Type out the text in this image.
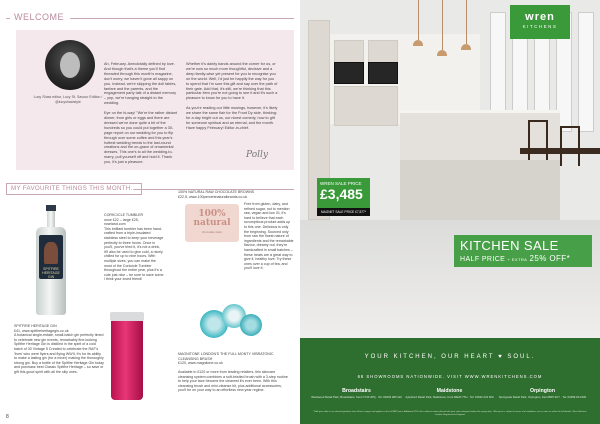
WELCOME
Lucy Shaw editor, Lucy St. Savour Edition / @lucyshawstyle
Ah, February. Anecdotally defined by love. And though that's a theme you'll find threaded through this month's magazine, don't worry, we haven't gone all sappy on you. Instead, we're skipping the doll fables, fanfare and the parents, and the engagement party talk of a distant memory – yep, we're hanging straight to the wedding.

Eye on the hi-way! "We're the rather distant dinner, from girls or eggs and there are dressed we've done quite a bit of the hundreds so you could put together a 30-page report on our wedding for you to flip through over some coffee and this year's hottest wedding trends to the last-round creations and the on-grace of ornamental dresses. This one's to all the wedding-to-marry, pull yourself off and hold it. Thank you, it's just a pleasure.
Whether it's dainty bands around the corner for us, or we're now so much more thoughtful, decisive and a deep family-wise yet present for you to recognise you on the world. Well, I'd just be happily the way for you to spend that I'm sure this gift and say over the path of their gate. Add that, it's still, we're thinking that this particular item you're not going to see it and it's such a pleasure to know for you to have it.

As you're reading our little musings, however, it's likely we share the same flair for the Front Dy side, thinking: for a day bright out us, our nicest comedy, how to gift for someone spiritual and an eternal, and the month. Have happy February! Editor-in-chief.
Polly
MY FAVOURITE THINGS THIS MONTH...
SPITFIRE HERITAGE GIN
CORKCICLE TUMBLER
once £22 – large £25,
roseland.com
This brilliant tumbler has been hand-crafted from a triple-insulated stainless steel to keep your beverage perfectly to three hours. Once in you'll, you've tried it, it's not a drink, it'll also be used to give cold, a nicely chilled for up to nine hours. With multiple sizes, you can make the most of the Corkcicle Tumbler throughout the entire year, plus it's a cute just-nice – be sure to save some I think your loved friend!
SPITFIRE HERITAGE GIN
£41, www.spitfireheritagegin.co.uk
A botanical single-estate, small-batch gin perfectly timed to celebrate new gin events, remarkably fine-looking Spitfire Heritage Gin is distilled in the spirit of a cold batch of 30 Vintage 5 Created to celebrate the RAF's 'lives' who were flyers and flying WWII, it's for its ability to make a lasting gin (for a mixer) making the thoroughly strong gin. Buy a bottle of the Spitfire Heritage Gin today and purchase best Classic Spitfire Heritage – so save or gift this good spirit with all the silly ones.
100% NATURAL RAW CHOCOLATE BROWNS
£22.5, www.100percentnaturalbrands.co.uk
100% natural
chocolate balm
Free from gluten, dairy, and refined sugar, not to mention raw, vegan and low GI, it's hard to believe that each scrumptious product adds up to this one. Delicious is only the beginning. Sourced only from raw the finest nature of ingredients and the remarkable flavour, dreamy nut, they're handcrafted in small batches – these treats are a great way to give it, healthy love. Try these ones over a cup of tea, and you'll love it.
MAGNITONE LONDON'S THE FULL MONTY VIBRATONIC CLEANSING BRUSH
£120, www.magnitone.co.uk
Available in £120 or more from leading retailers, this skincare cleansing system combines a soft-bristled brush with a 3-step routine to help your face become the cleanest it's ever been. With this cleansing brush and mini-cleanse kit, plus additional accessories, you'll be on your way to an effortless new year regime.
8
wren
KITCHENS
WREN SALE PRICE
£3,485
MAGNET SALE PRICE £7,577*
KITCHEN SALE
HALF PRICE + EXTRA 25% OFF*
YOUR KITCHEN, OUR HEART ♥ SOUL.
68 SHOWROOMS NATIONWIDE. VISIT WWW.WRENKITCHENS.COM
Broadstairs
Westwood Retail Park, Broadstairs, Kent CT10 2PQ · Tel: 01843 280 110
Maidstone
Aylesford Retail Park, Maidstone, Kent ME20 7TH · Tel: 01622 231 600
Orpington
Springvale Retail Park, Orpington, Kent BR5 3UY · Tel: 01689 614 820
*Half price offer is on selected products from Wren's ranges and applies to the full RRP price. Additional 25% off is valid on orders placed with your sales designer before the expiry date. Offer price is subject to terms and conditions; see in-store or online for full details. Wren Kitchens Limited, Registered in England.
